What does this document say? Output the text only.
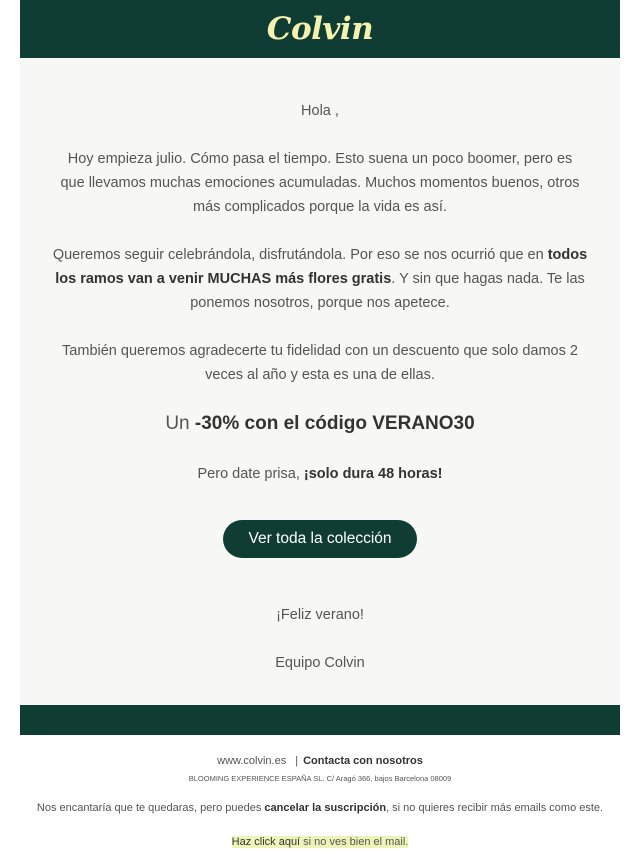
Colvin

Hola ,

Hoy empieza julio. Cómo pasa el tiempo. Esto suena un poco boomer, pero es que llevamos muchas emociones acumuladas. Muchos momentos buenos, otros más complicados porque la vida es así.

Queremos seguir celebrándola, disfrutándola. Por eso se nos ocurrió que en todos los ramos van a venir MUCHAS más flores gratis. Y sin que hagas nada. Te las ponemos nosotros, porque nos apetece.

También queremos agradecerte tu fidelidad con un descuento que solo damos 2 veces al año y esta es una de ellas.

Un -30% con el código VERANO30

Pero date prisa, ¡solo dura 48 horas!

Ver toda la colección

¡Feliz verano!

Equipo Colvin

www.colvin.es | Contacta con nosotros
BLOOMING EXPERIENCE ESPAÑA SL. C/ Aragó 366, bajos Barcelona 08009
Nos encantaría que te quedaras, pero puedes cancelar la suscripción, si no quieres recibir más emails como este.
Haz click aquí si no ves bien el mail.
